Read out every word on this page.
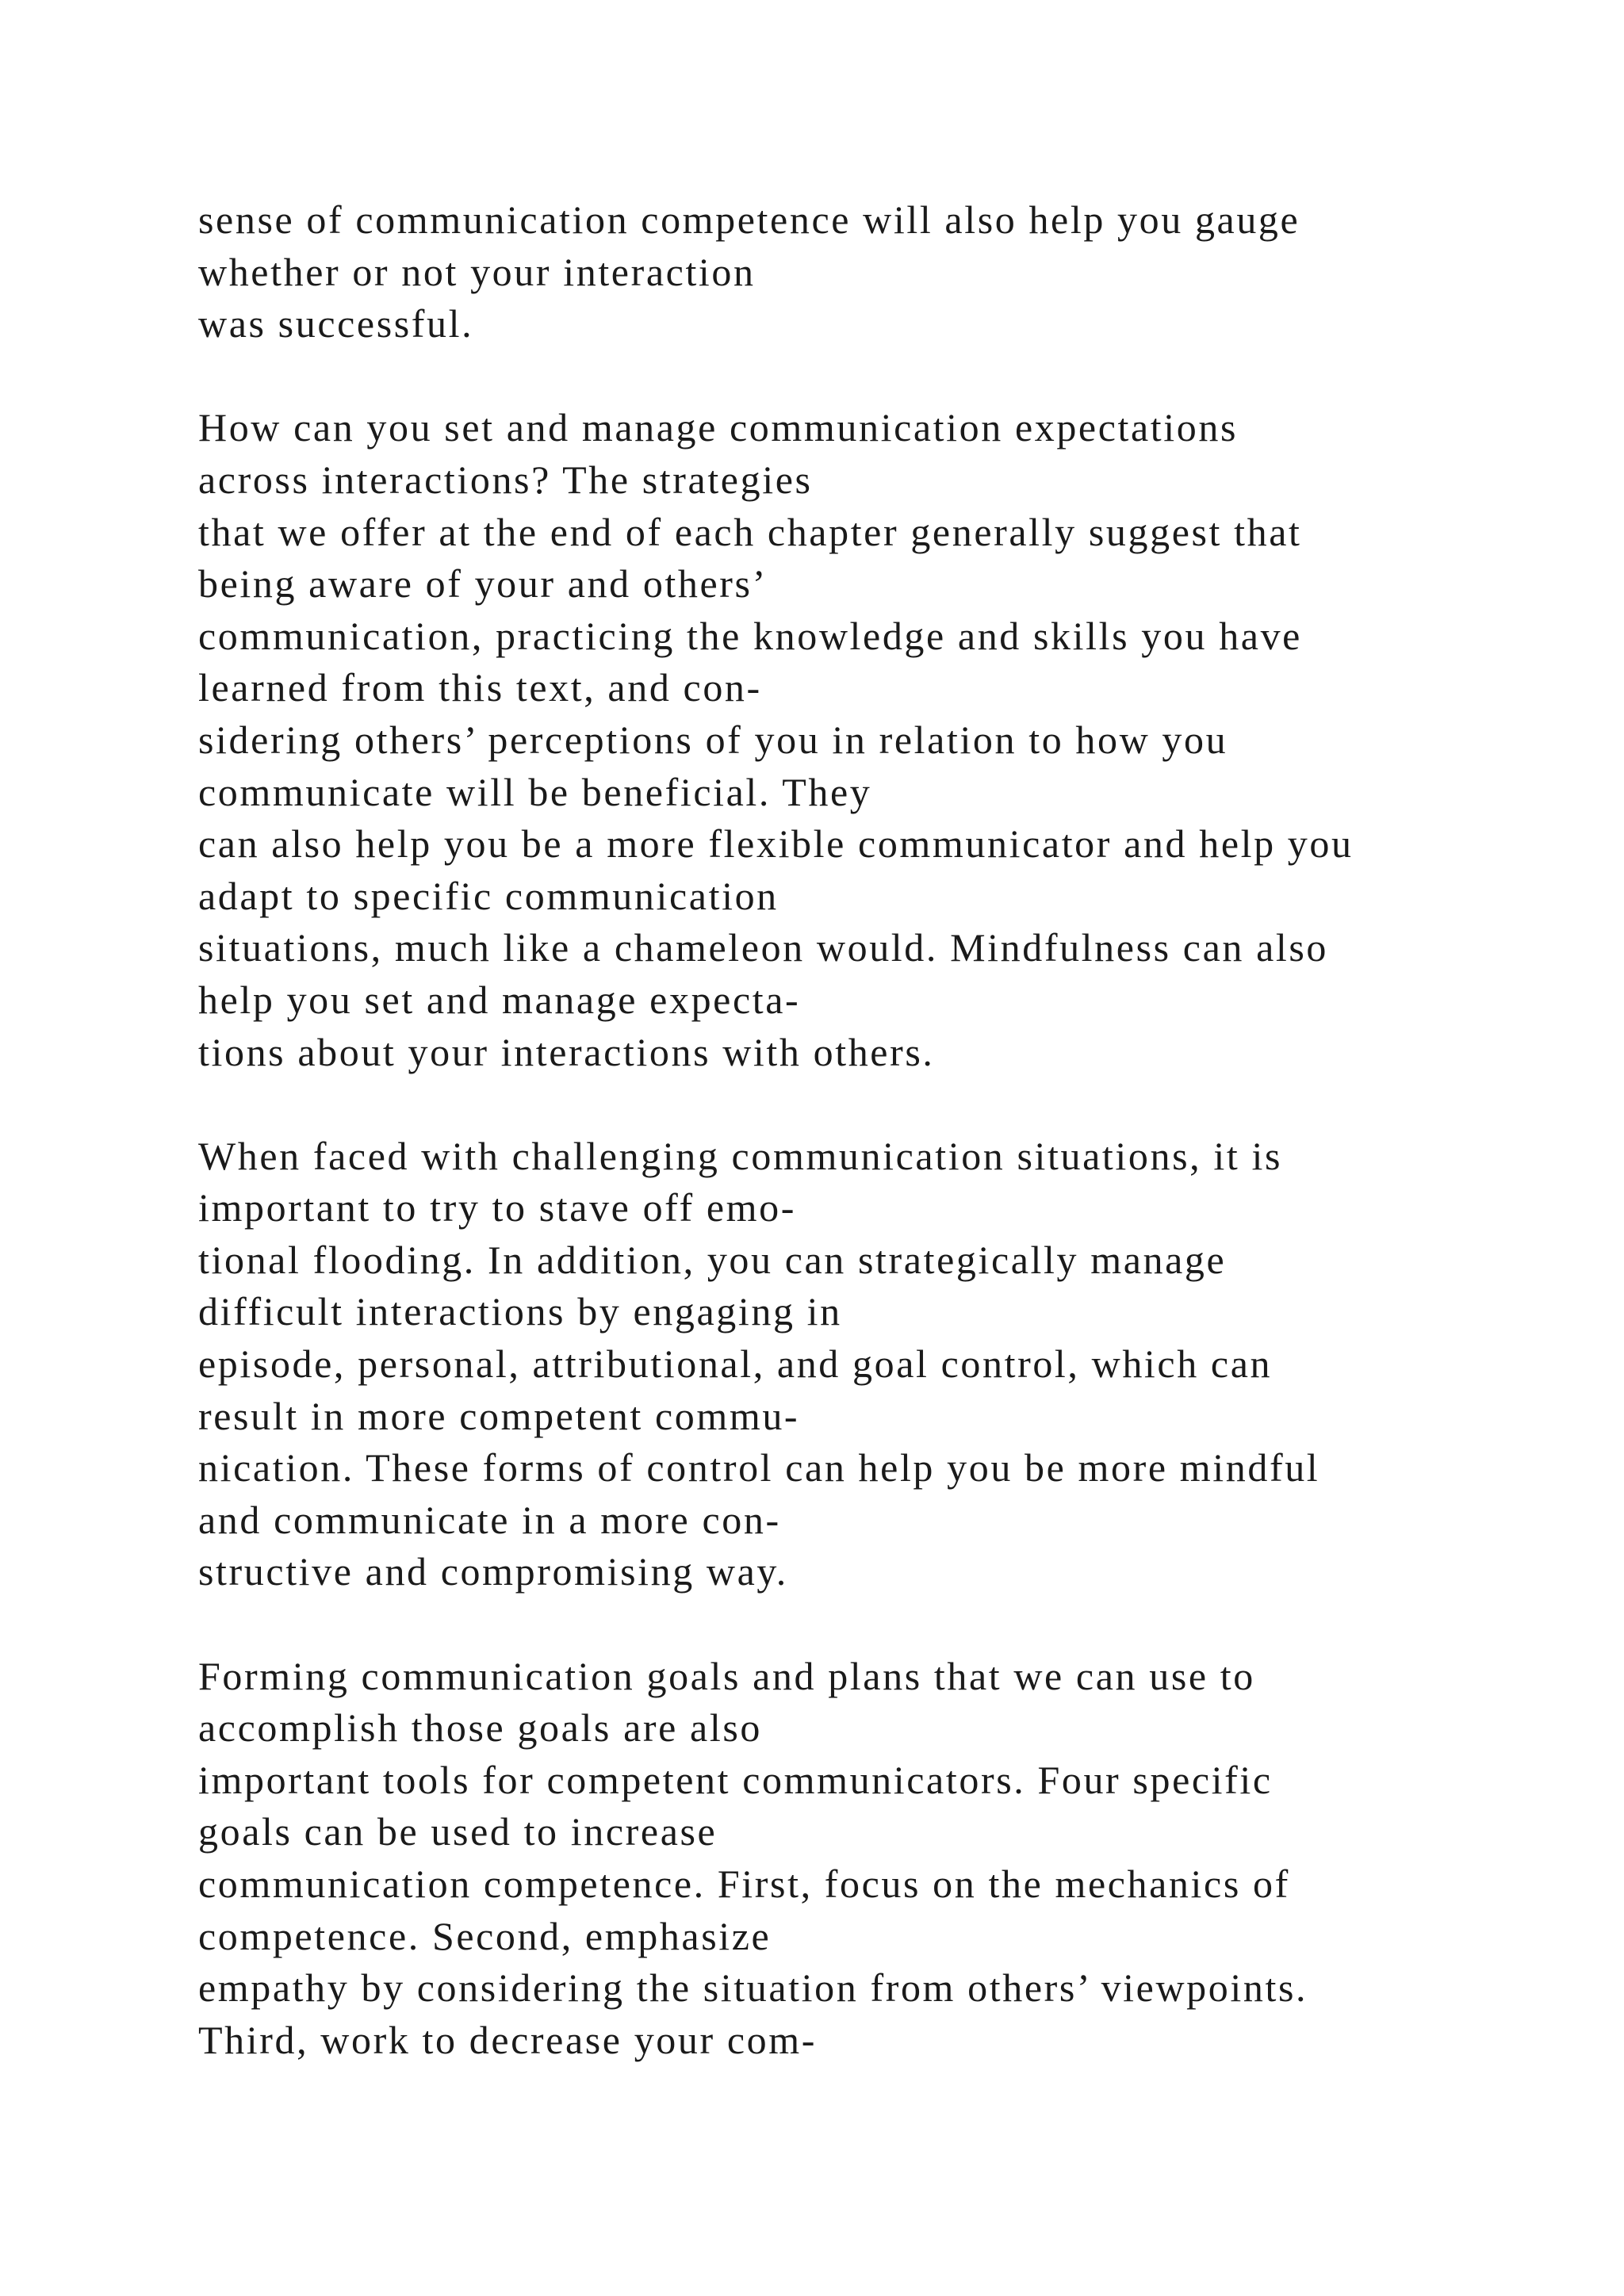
sense of communication competence will also help you gauge
whether or not your interaction
was successful.
How can you set and manage communication expectations
across interactions? The strategies
that we offer at the end of each chapter generally suggest that
being aware of your and others’
communication, practicing the knowledge and skills you have
learned from this text, and con-
sidering others’ perceptions of you in relation to how you
communicate will be beneficial. They
can also help you be a more flexible communicator and help you
adapt to specific communication
situations, much like a chameleon would. Mindfulness can also
help you set and manage expecta-
tions about your interactions with others.
When faced with challenging communication situations, it is
important to try to stave off emo-
tional flooding. In addition, you can strategically manage
difficult interactions by engaging in
episode, personal, attributional, and goal control, which can
result in more competent commu-
nication. These forms of control can help you be more mindful
and communicate in a more con-
structive and compromising way.
Forming communication goals and plans that we can use to
accomplish those goals are also
important tools for competent communicators. Four specific
goals can be used to increase
communication competence. First, focus on the mechanics of
competence. Second, emphasize
empathy by considering the situation from others’ viewpoints.
Third, work to decrease your com-
